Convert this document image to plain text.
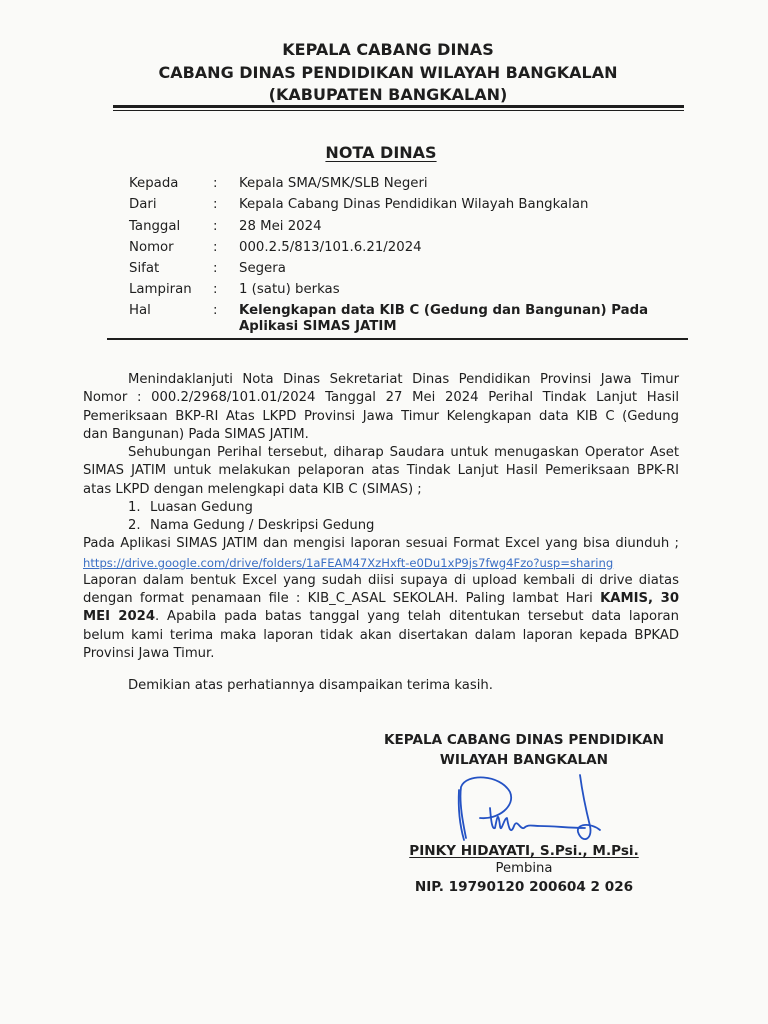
KEPALA CABANG DINAS
CABANG DINAS PENDIDIKAN WILAYAH BANGKALAN
(KABUPATEN BANGKALAN)
NOTA DINAS
Kepada	:	Kepala SMA/SMK/SLB Negeri
Dari	:	Kepala Cabang Dinas Pendidikan Wilayah Bangkalan
Tanggal	:	28 Mei 2024
Nomor	:	000.2.5/813/101.6.21/2024
Sifat	:	Segera
Lampiran	:	1 (satu) berkas
Hal	:	Kelengkapan data KIB C (Gedung dan Bangunan) Pada
Aplikasi SIMAS JATIM
Menindaklanjuti Nota Dinas Sekretariat Dinas Pendidikan Provinsi Jawa Timur
Nomor : 000.2/2968/101.01/2024 Tanggal 27 Mei 2024 Perihal Tindak Lanjut Hasil
Pemeriksaan BKP-RI Atas LKPD Provinsi Jawa Timur Kelengkapan data KIB C (Gedung
dan Bangunan) Pada SIMAS JATIM.
Sehubungan Perihal tersebut, diharap Saudara untuk menugaskan Operator Aset
SIMAS JATIM untuk melakukan pelaporan atas Tindak Lanjut Hasil Pemeriksaan BPK-RI
atas LKPD dengan melengkapi data KIB C (SIMAS) ;
1. Luasan Gedung
2. Nama Gedung / Deskripsi Gedung
Pada Aplikasi SIMAS JATIM dan mengisi laporan sesuai Format Excel yang bisa diunduh ;
https://drive.google.com/drive/folders/1aFEAM47XzHxft-e0Du1xP9js7fwg4Fzo?usp=sharing
Laporan dalam bentuk Excel yang sudah diisi supaya di upload kembali di drive diatas
dengan format penamaan file : KIB_C_ASAL SEKOLAH. Paling lambat Hari KAMIS, 30
MEI 2024. Apabila pada batas tanggal yang telah ditentukan tersebut data laporan
belum kami terima maka laporan tidak akan disertakan dalam laporan kepada BPKAD
Provinsi Jawa Timur.
Demikian atas perhatiannya disampaikan terima kasih.
KEPALA CABANG DINAS PENDIDIKAN
WILAYAH BANGKALAN
PINKY HIDAYATI, S.Psi., M.Psi.
Pembina
NIP. 19790120 200604 2 026
